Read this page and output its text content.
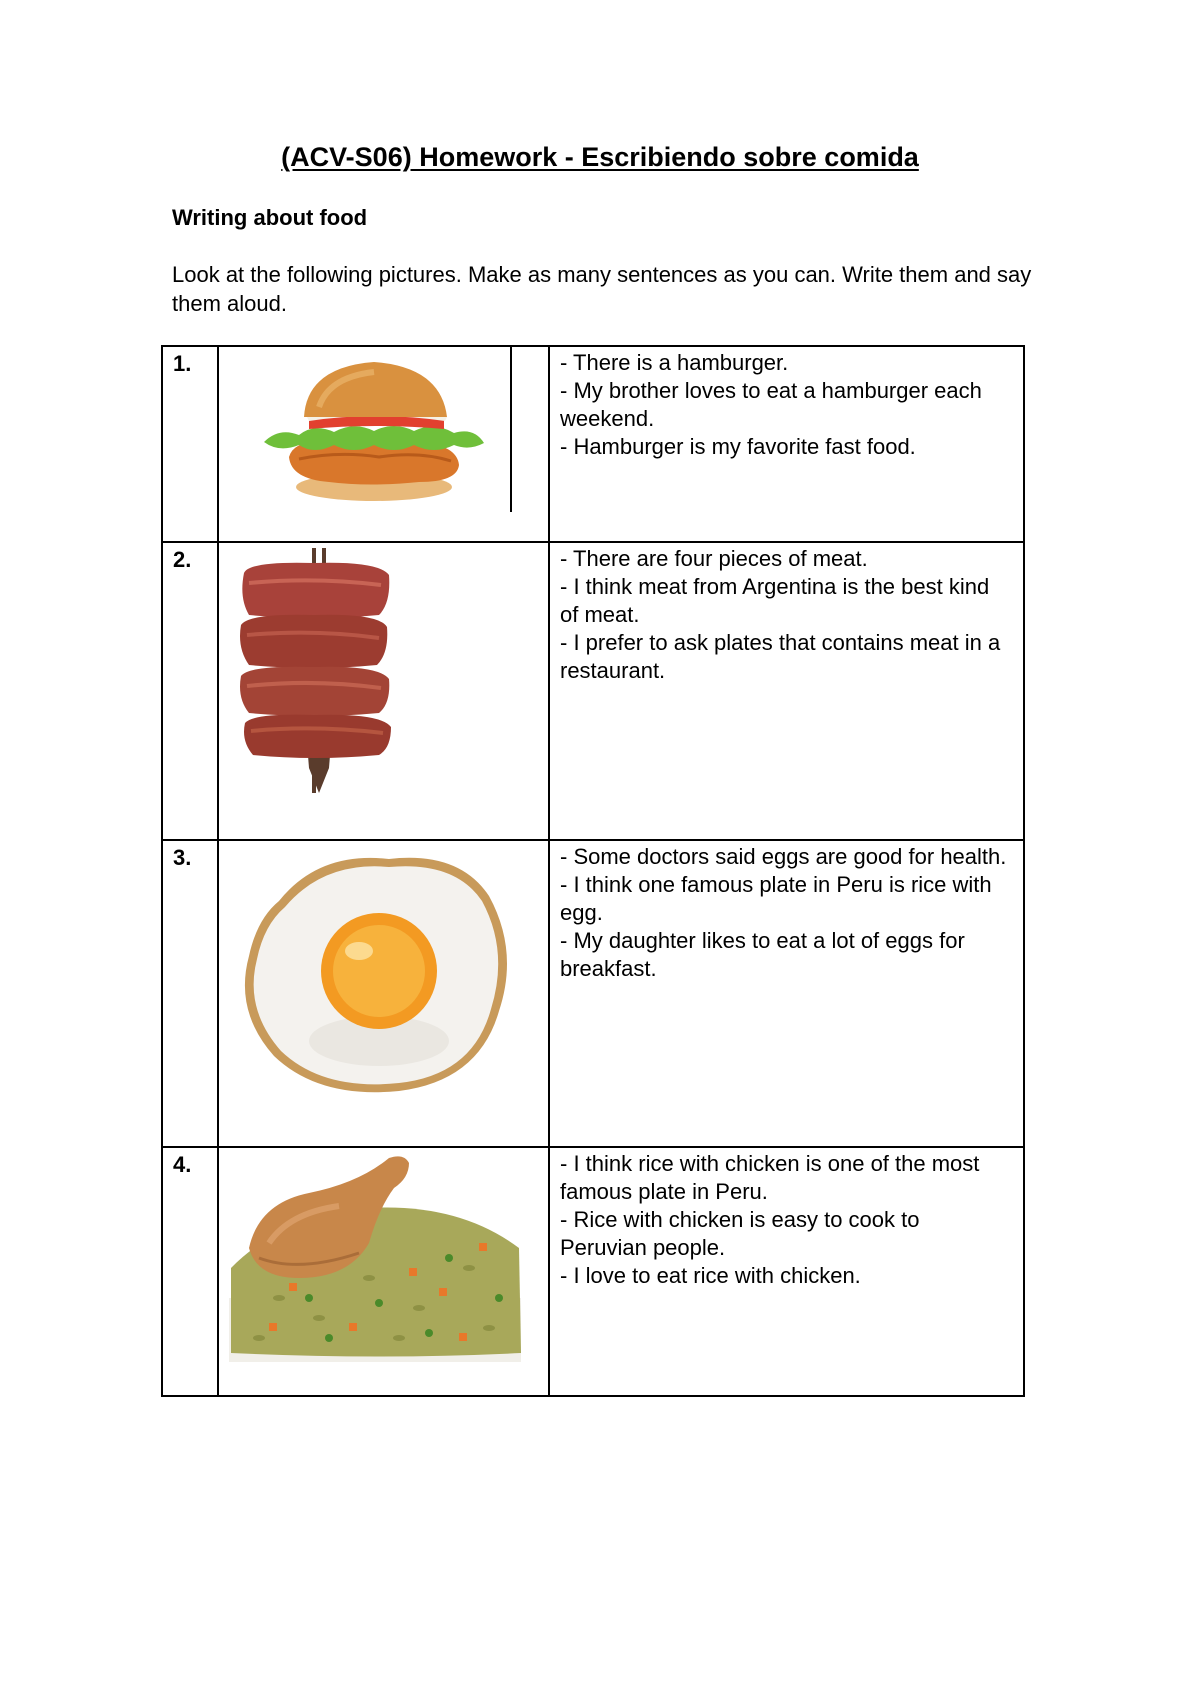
(ACV-S06) Homework - Escribiendo sobre comida
Writing about food
Look at the following pictures. Make as many sentences as you can. Write them and say them aloud.
1.		- There is a hamburger.
- My brother loves to eat a hamburger each weekend.
- Hamburger is my favorite fast food.

2.		- There are four pieces of meat.
- I think meat from Argentina is the best kind of meat.
- I prefer to ask plates that contains meat in a restaurant.

3.		- Some doctors said eggs are good for health.
- I think one famous plate in Peru is rice with egg.
- My daughter likes to eat a lot of eggs for breakfast.

4.		- I think rice with chicken is one of the most famous plate in Peru.
- Rice with chicken is easy to cook to Peruvian people.
- I love to eat rice with chicken.
